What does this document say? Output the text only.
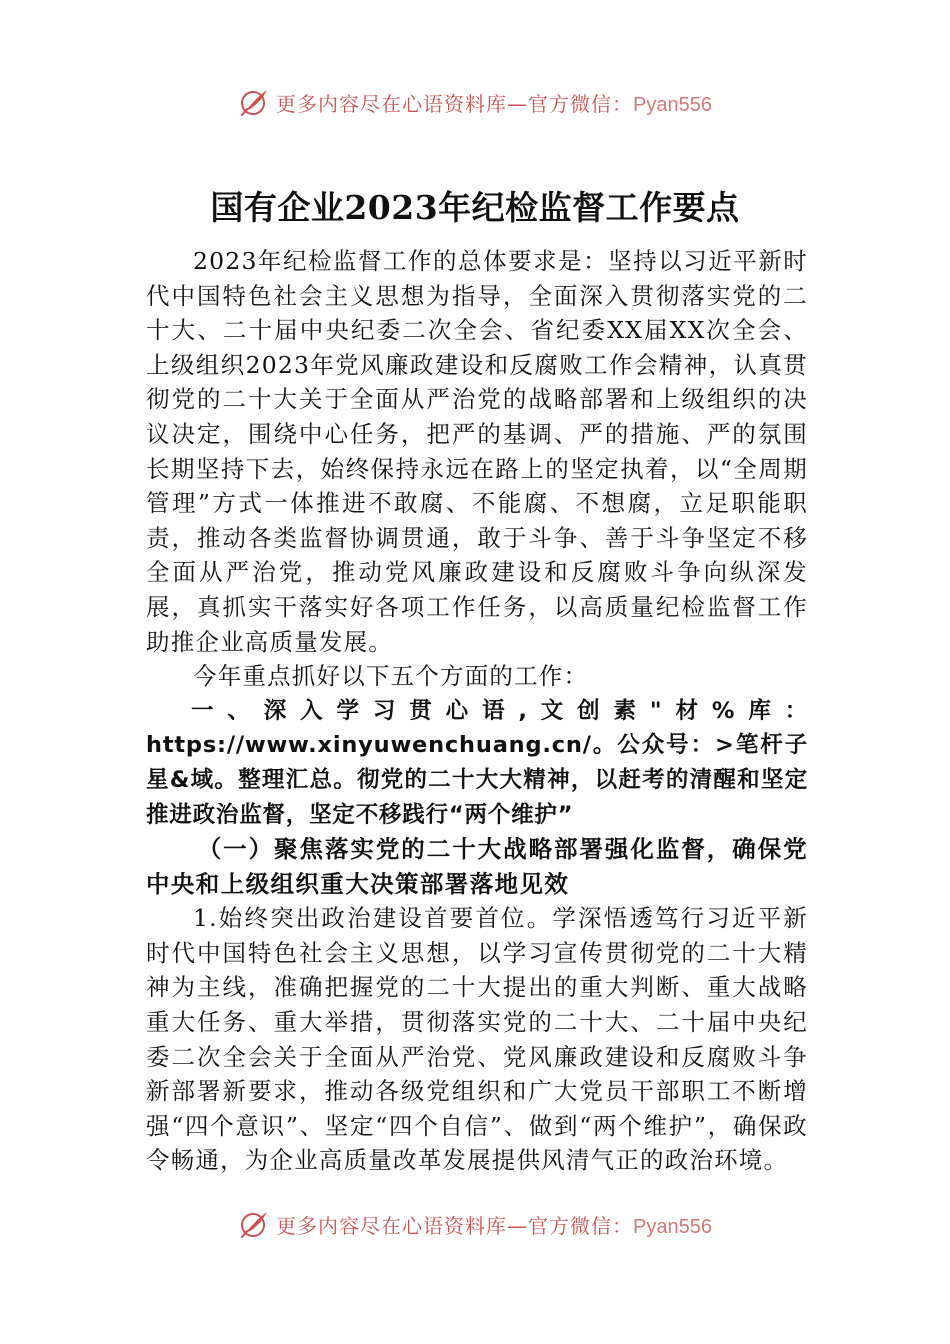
更多内容尽在心语资料库—官方微信：Pyan556
国有企业2023年纪检监督工作要点

2023年纪检监督工作的总体要求是：坚持以习近平新时代中国特色社会主义思想为指导，全面深入贯彻落实党的二十大、二十届中央纪委二次全会、省纪委XX届XX次全会、上级组织2023年党风廉政建设和反腐败工作会精神，认真贯彻党的二十大关于全面从严治党的战略部署和上级组织的决议决定，围绕中心任务，把严的基调、严的措施、严的氛围长期坚持下去，始终保持永远在路上的坚定执着，以“全周期管理”方式一体推进不敢腐、不能腐、不想腐，立足职能职责，推动各类监督协调贯通，敢于斗争、善于斗争坚定不移全面从严治党，推动党风廉政建设和反腐败斗争向纵深发展，真抓实干落实好各项工作任务，以高质量纪检监督工作助推企业高质量发展。

今年重点抓好以下五个方面的工作：

一、深入学习贯心语,文创素"材%库：https://www.xinyuwenchuang.cn/。公众号：>笔杆子星&域。整理汇总。彻党的二十大大精神，以赶考的清醒和坚定推进政治监督，坚定不移践行“两个维护”

（一）聚焦落实党的二十大战略部署强化监督，确保党中央和上级组织重大决策部署落地见效

1.始终突出政治建设首要首位。学深悟透笃行习近平新时代中国特色社会主义思想，以学习宣传贯彻党的二十大精神为主线，准确把握党的二十大提出的重大判断、重大战略重大任务、重大举措，贯彻落实党的二十大、二十届中央纪委二次全会关于全面从严治党、党风廉政建设和反腐败斗争新部署新要求，推动各级党组织和广大党员干部职工不断增强“四个意识”、坚定“四个自信”、做到“两个维护”，确保政令畅通，为企业高质量改革发展提供风清气正的政治环境。

更多内容尽在心语资料库—官方微信：Pyan556
